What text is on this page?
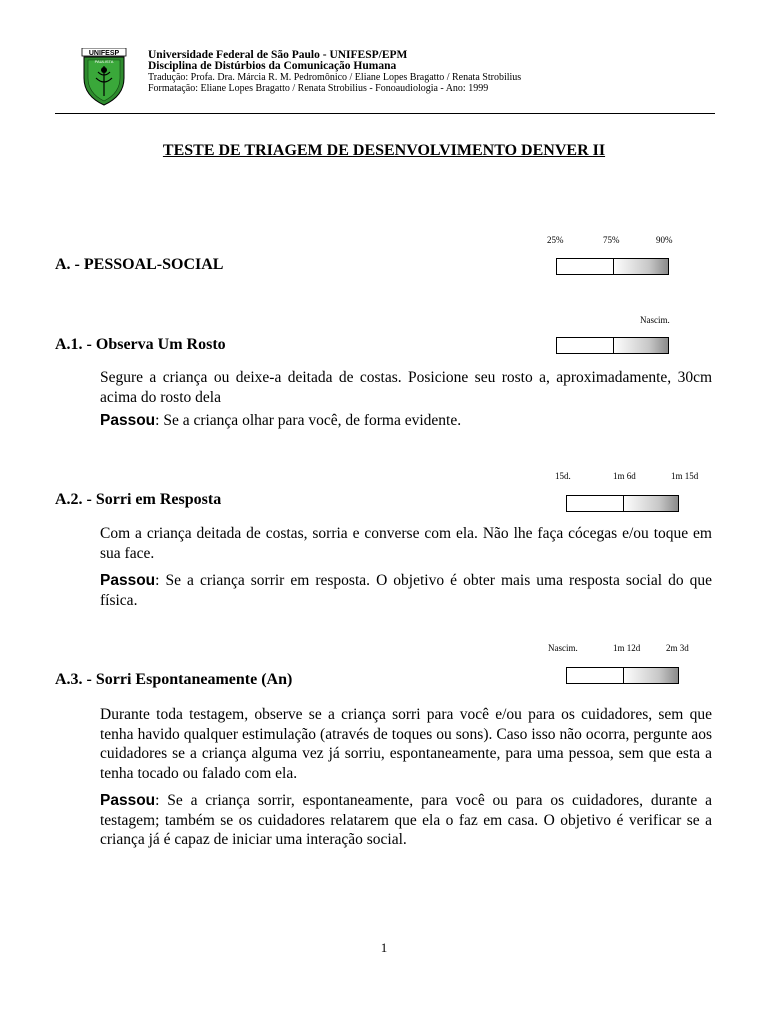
UNIFESP
PAULISTA
Universidade Federal de São Paulo - UNIFESP/EPM
Disciplina de Distúrbios da Comunicação Humana
Tradução: Profa. Dra. Márcia R. M. Pedromônico / Eliane Lopes Bragatto / Renata Strobilius
Formatação: Eliane Lopes Bragatto / Renata Strobilius - Fonoaudiologia - Ano: 1999
TESTE DE TRIAGEM DE DESENVOLVIMENTO DENVER II
25%	75%	90%
A. - PESSOAL-SOCIAL
Nascim.
A.1. - Observa Um Rosto
Segure a criança ou deixe-a deitada de costas. Posicione seu rosto a, aproximadamente, 30cm acima do rosto dela
Passou: Se a criança olhar para você, de forma evidente.
15d.	1m 6d	1m 15d
A.2. - Sorri em Resposta
Com a criança deitada de costas, sorria e converse com ela. Não lhe faça cócegas e/ou toque em sua face.
Passou: Se a criança sorrir em resposta. O objetivo é obter mais uma resposta social do que física.
Nascim.	1m 12d	2m 3d
A.3. - Sorri Espontaneamente (An)
Durante toda testagem, observe se a criança sorri para você e/ou para os cuidadores, sem que tenha havido qualquer estimulação (através de toques ou sons). Caso isso não ocorra, pergunte aos cuidadores se a criança alguma vez já sorriu, espontaneamente, para uma pessoa, sem que esta a tenha tocado ou falado com ela.
Passou: Se a criança sorrir, espontaneamente, para você ou para os cuidadores, durante a testagem; também se os cuidadores relatarem que ela o faz em casa. O objetivo é verificar se a criança já é capaz de iniciar uma interação social.
1
